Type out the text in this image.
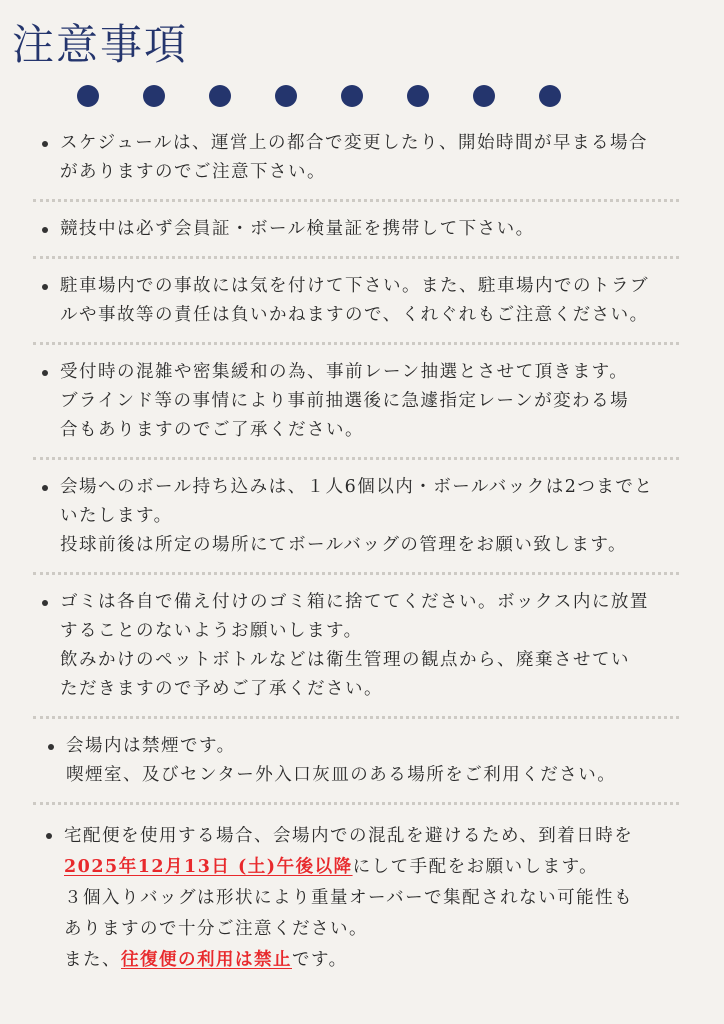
注意事項
スケジュールは、運営上の都合で変更したり、開始時間が早まる場合
がありますのでご注意下さい。
競技中は必ず会員証・ボール検量証を携帯して下さい。
駐車場内での事故には気を付けて下さい。また、駐車場内でのトラブ
ルや事故等の責任は負いかねますので、くれぐれもご注意ください。
受付時の混雑や密集緩和の為、事前レーン抽選とさせて頂きます。
ブラインド等の事情により事前抽選後に急遽指定レーンが変わる場
合もありますのでご了承ください。
会場へのボール持ち込みは、１人6個以内・ボールバックは2つまでと
いたします。
投球前後は所定の場所にてボールバッグの管理をお願い致します。
ゴミは各自で備え付けのゴミ箱に捨ててください。ボックス内に放置
することのないようお願いします。
飲みかけのペットボトルなどは衛生管理の観点から、廃棄させてい
ただきますので予めご了承ください。
会場内は禁煙です。
喫煙室、及びセンター外入口灰皿のある場所をご利用ください。
宅配便を使用する場合、会場内での混乱を避けるため、到着日時を
2025年12月13日 (土)午後以降にして手配をお願いします。
３個入りバッグは形状により重量オーバーで集配されない可能性も
ありますので十分ご注意ください。
また、往復便の利用は禁止です。
